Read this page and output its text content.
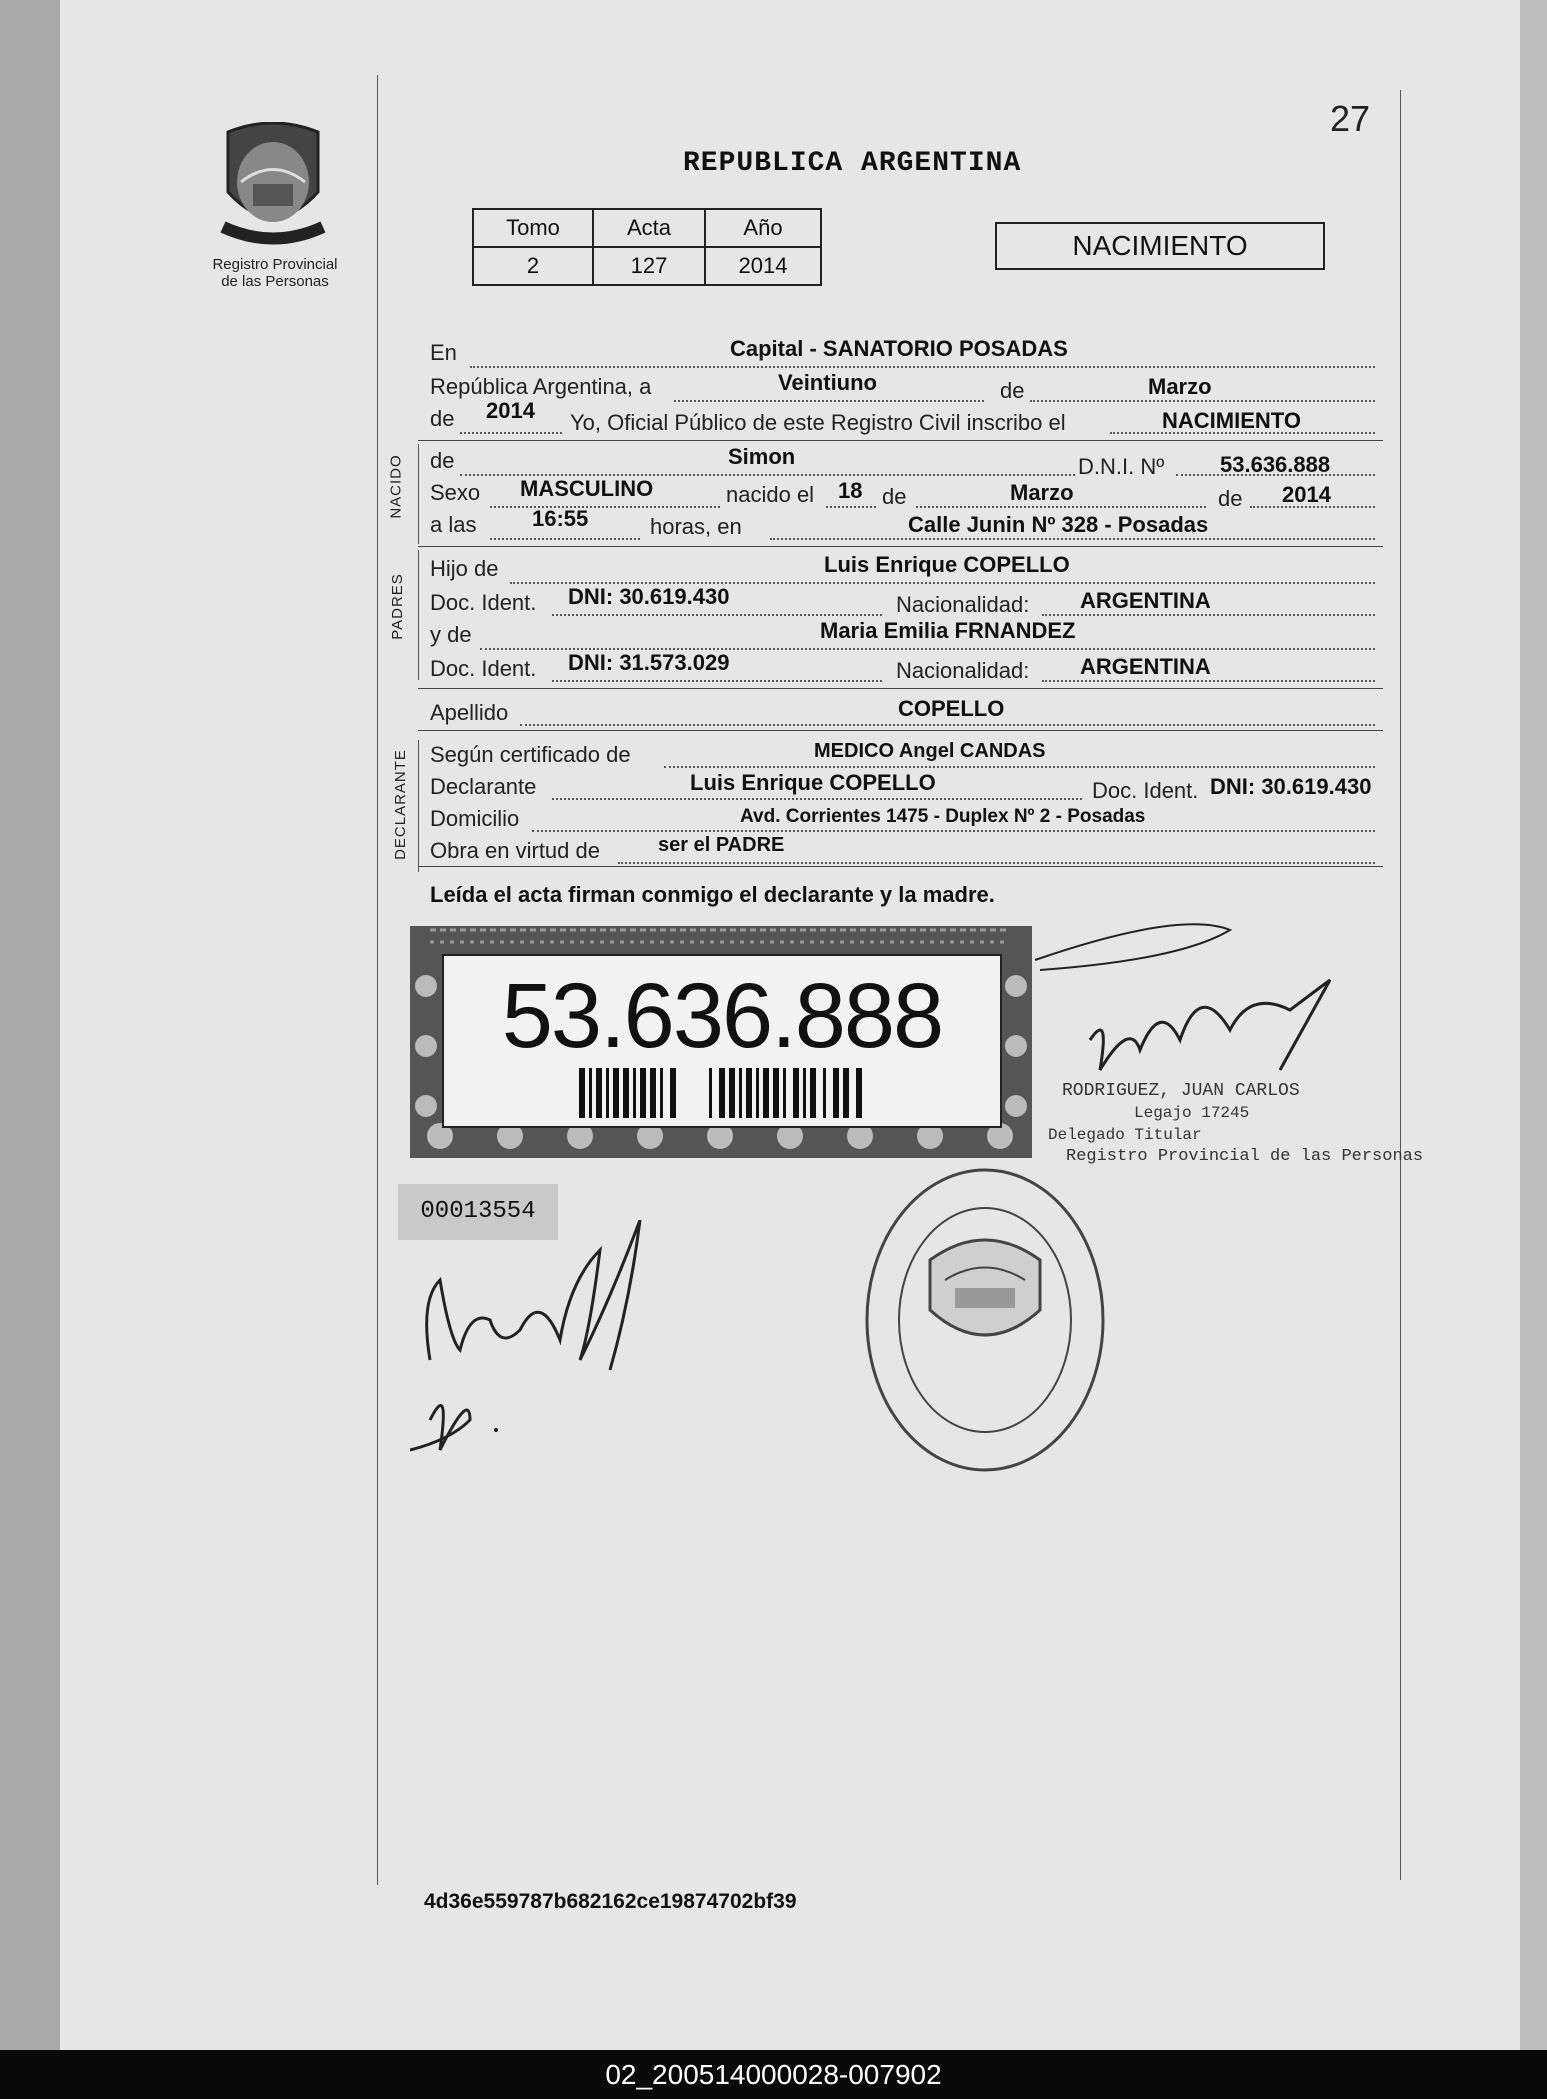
Registro Provincial
de las Personas
27
REPUBLICA ARGENTINA
Tomo	Acta	Año
2	127	2014
NACIMIENTO
En	Capital - SANATORIO POSADAS
República Argentina, a	Veintiuno	de	Marzo
de 2014 Yo, Oficial Público de este Registro Civil inscribo el	NACIMIENTO
NACIDO de	Simon	D.N.I. Nº	53.636.888
Sexo MASCULINO	nacido el 18 de	Marzo	de 2014
a las	16:55	horas, en	Calle Junin Nº 328 - Posadas
PADRES
Hijo de	Luis Enrique COPELLO
Doc. Ident. DNI: 30.619.430	Nacionalidad: ARGENTINA
y de	Maria Emilia FRNANDEZ
Doc. Ident. DNI: 31.573.029	Nacionalidad: ARGENTINA
Apellido	COPELLO
DECLARANTE Según certificado de	MEDICO Angel CANDAS
Declarante	Luis Enrique COPELLO	Doc. Ident. DNI: 30.619.430
Domicilio	Avd. Corrientes 1475 - Duplex Nº 2 - Posadas
Obra en virtud de	ser el PADRE
Leída el acta firman conmigo el declarante y la madre.
53.636.888
RODRIGUEZ, JUAN CARLOS
Legajo 17245
Delegado Titular
Registro Provincial de las Personas
00013554
4d36e559787b682162ce19874702bf39
02_200514000028-007902
